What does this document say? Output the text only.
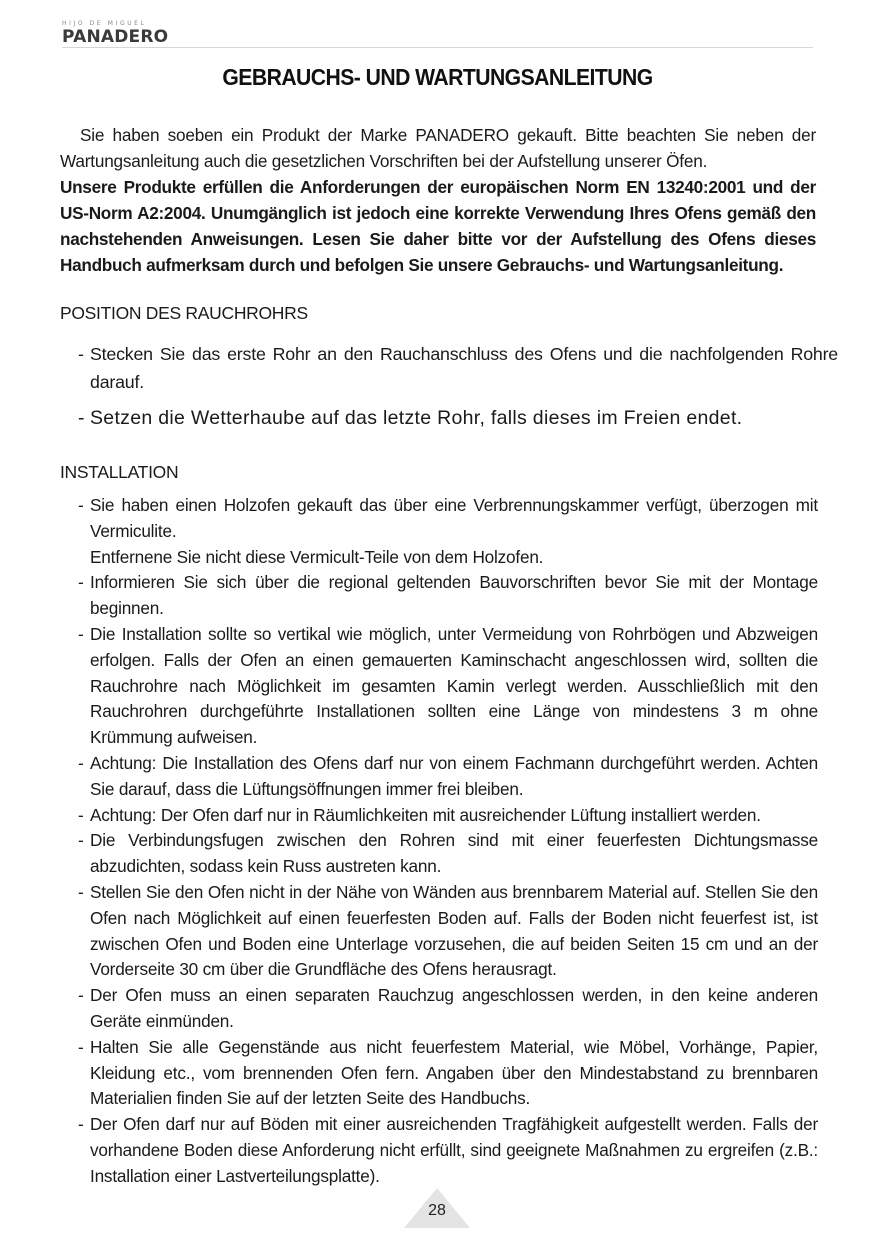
HIJO DE MIGUEL
PANADERO
GEBRAUCHS- UND WARTUNGSANLEITUNG

Sie haben soeben ein Produkt der Marke PANADERO gekauft. Bitte beachten Sie neben der Wartungsanleitung auch die gesetzlichen Vorschriften bei der Aufstellung unserer Öfen.

Unsere Produkte erfüllen die Anforderungen der europäischen Norm EN 13240:2001 und der US-Norm A2:2004. Unumgänglich ist jedoch eine korrekte Verwendung Ihres Ofens gemäß den nachstehenden Anweisungen. Lesen Sie daher bitte vor der Aufstellung des Ofens dieses Handbuch aufmerksam durch und befolgen Sie unsere Gebrauchs- und Wartungsanleitung.

POSITION DES RAUCHROHRS
- Stecken Sie das erste Rohr an den Rauchanschluss des Ofens und die nachfolgenden Rohre darauf.
- Setzen die Wetterhaube auf das letzte Rohr, falls dieses im Freien endet.
INSTALLATION
- Sie haben einen Holzofen gekauft das über eine Verbrennungskammer verfügt, überzogen mit Vermiculite.
Entfernene Sie nicht diese Vermicult-Teile von dem Holzofen.
- Informieren Sie sich über die regional geltenden Bauvorschriften bevor Sie mit der Montage beginnen.
- Die Installation sollte so vertikal wie möglich, unter Vermeidung von Rohrbögen und Abzweigen erfolgen. Falls der Ofen an einen gemauerten Kaminschacht angeschlossen wird, sollten die Rauchrohre nach Möglichkeit im gesamten Kamin verlegt werden. Ausschließlich mit den Rauchrohren durchgeführte Installationen sollten eine Länge von mindestens 3 m ohne Krümmung aufweisen.
- Achtung: Die Installation des Ofens darf nur von einem Fachmann durchgeführt werden. Achten Sie darauf, dass die Lüftungsöffnungen immer frei bleiben.
- Achtung: Der Ofen darf nur in Räumlichkeiten mit ausreichender Lüftung installiert werden.
- Die Verbindungsfugen zwischen den Rohren sind mit einer feuerfesten Dichtungsmasse abzudichten, sodass kein Russ austreten kann.
- Stellen Sie den Ofen nicht in der Nähe von Wänden aus brennbarem Material auf. Stellen Sie den Ofen nach Möglichkeit auf einen feuerfesten Boden auf. Falls der Boden nicht feuerfest ist, ist zwischen Ofen und Boden eine Unterlage vorzusehen, die auf beiden Seiten 15 cm und an der Vorderseite 30 cm über die Grundfläche des Ofens herausragt.
- Der Ofen muss an einen separaten Rauchzug angeschlossen werden, in den keine anderen Geräte einmünden.
- Halten Sie alle Gegenstände aus nicht feuerfestem Material, wie Möbel, Vorhänge, Papier, Kleidung etc., vom brennenden Ofen fern. Angaben über den Mindestabstand zu brennbaren Materialien finden Sie auf der letzten Seite des Handbuchs.
- Der Ofen darf nur auf Böden mit einer ausreichenden Tragfähigkeit aufgestellt werden. Falls der vorhandene Boden diese Anforderung nicht erfüllt, sind geeignete Maßnahmen zu ergreifen (z.B.: Installation einer Lastverteilungsplatte).
28
